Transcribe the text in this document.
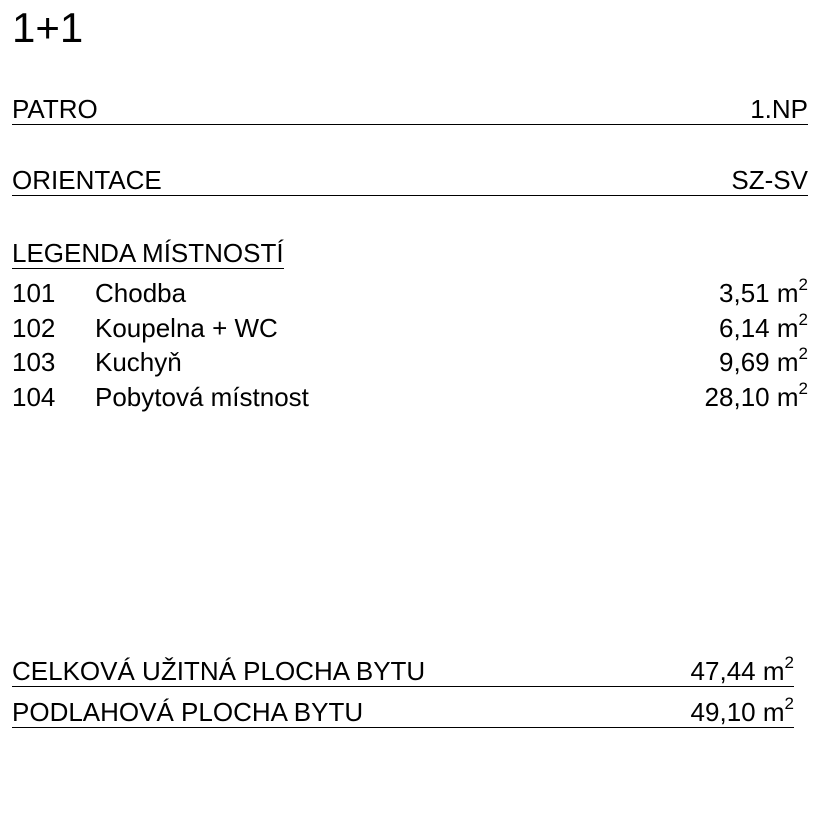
1+1
PATRO	1.NP
ORIENTACE	SZ-SV
LEGENDA MÍSTNOSTÍ
101	Chodba	3,51 $m^2$
102	Koupelna + WC	6,14 $m^2$
103	Kuchyň	9,69 $m^2$
104	Pobytová místnost	28,10 $m^2$
CELKOVÁ UŽITNÁ PLOCHA BYTU	47,44 $m^2$
PODLAHOVÁ PLOCHA BYTU	49,10 $m^2$
